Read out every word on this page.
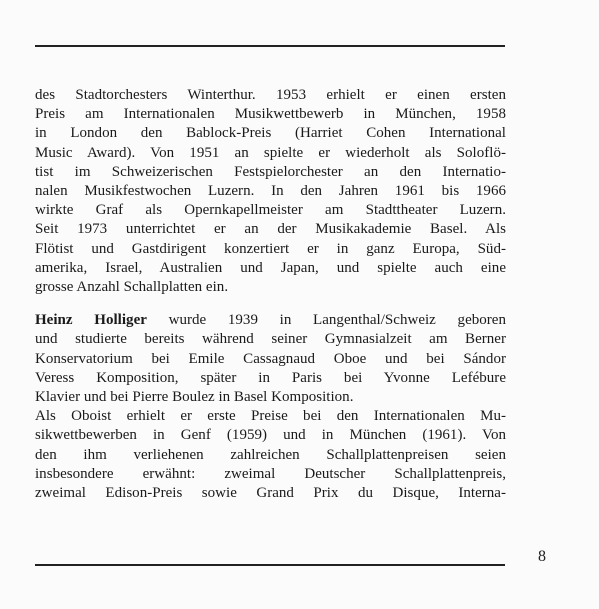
des Stadtorchesters Winterthur. 1953 erhielt er einen ersten
Preis am Internationalen Musikwettbewerb in München, 1958
in London den Bablock-Preis (Harriet Cohen International
Music Award). Von 1951 an spielte er wiederholt als Soloflö-
tist im Schweizerischen Festspielorchester an den Internatio-
nalen Musikfestwochen Luzern. In den Jahren 1961 bis 1966
wirkte Graf als Opernkapellmeister am Stadttheater Luzern.
Seit 1973 unterrichtet er an der Musikakademie Basel. Als
Flötist und Gastdirigent konzertiert er in ganz Europa, Süd-
amerika, Israel, Australien und Japan, und spielte auch eine
grosse Anzahl Schallplatten ein.

Heinz Holliger wurde 1939 in Langenthal/Schweiz geboren
und studierte bereits während seiner Gymnasialzeit am Berner
Konservatorium bei Emile Cassagnaud Oboe und bei Sándor
Veress Komposition, später in Paris bei Yvonne Lefébure
Klavier und bei Pierre Boulez in Basel Komposition.

Als Oboist erhielt er erste Preise bei den Internationalen Mu-
sikwettbewerben in Genf (1959) und in München (1961). Von
den ihm verliehenen zahlreichen Schallplattenpreisen seien
insbesondere erwähnt: zweimal Deutscher Schallplattenpreis,
zweimal Edison-Preis sowie Grand Prix du Disque, Interna-

8
